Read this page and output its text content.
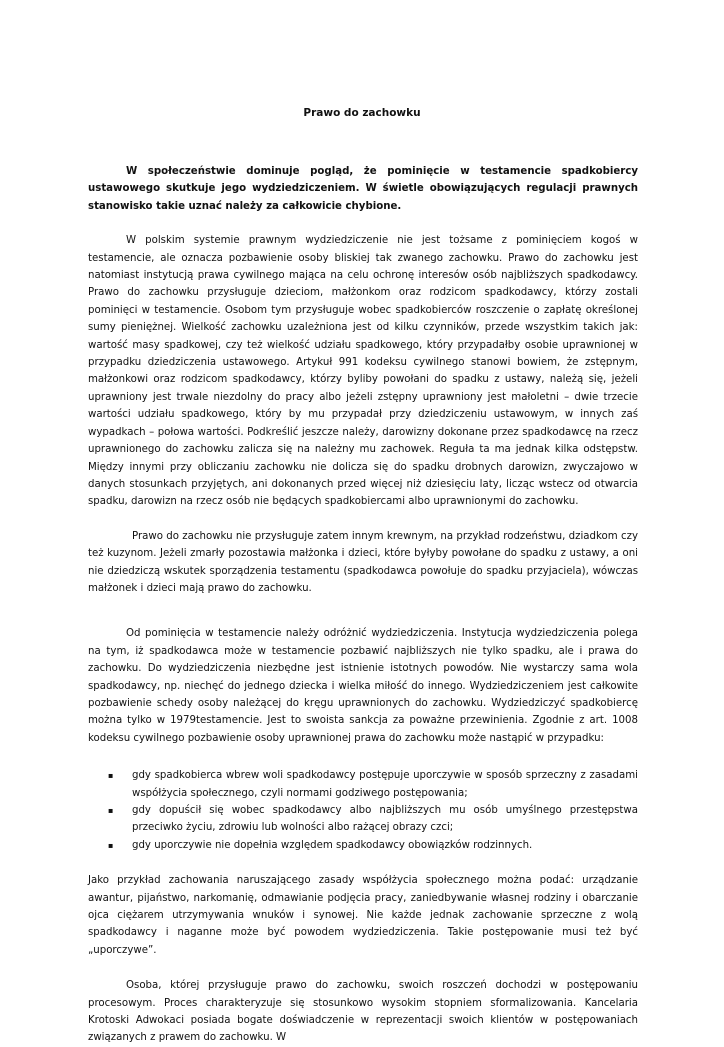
Prawo do zachowku

W społeczeństwie dominuje pogląd, że pominięcie w testamencie spadkobiercy ustawowego skutkuje jego wydziedziczeniem. W świetle obowiązujących regulacji prawnych stanowisko takie uznać należy za całkowicie chybione.

W polskim systemie prawnym wydziedziczenie nie jest tożsame z pominięciem kogoś w testamencie, ale oznacza pozbawienie osoby bliskiej tak zwanego zachowku. Prawo do zachowku jest natomiast instytucją prawa cywilnego mająca na celu ochronę interesów osób najbliższych spadkodawcy. Prawo do zachowku przysługuje dzieciom, małżonkom oraz rodzicom spadkodawcy, którzy zostali pominięci w testamencie. Osobom tym przysługuje wobec spadkobierców roszczenie o zapłatę określonej sumy pieniężnej. Wielkość zachowku uzależniona jest od kilku czynników, przede wszystkim takich jak: wartość masy spadkowej, czy też wielkość udziału spadkowego, który przypadałby osobie uprawnionej w przypadku dziedziczenia ustawowego. Artykuł 991 kodeksu cywilnego stanowi bowiem, że zstępnym, małżonkowi oraz rodzicom spadkodawcy, którzy byliby powołani do spadku z ustawy, należą się, jeżeli uprawniony jest trwale niezdolny do pracy albo jeżeli zstępny uprawniony jest małoletni – dwie trzecie wartości udziału spadkowego, który by mu przypadał przy dziedziczeniu ustawowym, w innych zaś wypadkach – połowa wartości. Podkreślić jeszcze należy, darowizny dokonane przez spadkodawcę na rzecz uprawnionego do zachowku zalicza się na należny mu zachowek. Reguła ta ma jednak kilka odstępstw. Między innymi przy obliczaniu zachowku nie dolicza się do spadku drobnych darowizn, zwyczajowo w danych stosunkach przyjętych, ani dokonanych przed więcej niż dziesięciu laty, licząc wstecz od otwarcia spadku, darowizn na rzecz osób nie będących spadkobiercami albo uprawnionymi do zachowku.

Prawo do zachowku nie przysługuje zatem innym krewnym, na przykład rodzeństwu, dziadkom czy też kuzynom. Jeżeli zmarły pozostawia małżonka i dzieci, które byłyby powołane do spadku z ustawy, a oni nie dziedziczą wskutek sporządzenia testamentu (spadkodawca powołuje do spadku przyjaciela), wówczas małżonek i dzieci mają prawo do zachowku.

Od pominięcia w testamencie należy odróżnić wydziedziczenia. Instytucja wydziedziczenia polega na tym, iż spadkodawca może w testamencie pozbawić najbliższych nie tylko spadku, ale i prawa do zachowku. Do wydziedziczenia niezbędne jest istnienie istotnych powodów. Nie wystarczy sama wola spadkodawcy, np. niechęć do jednego dziecka i wielka miłość do innego. Wydziedziczeniem jest całkowite pozbawienie schedy osoby należącej do kręgu uprawnionych do zachowku. Wydziedziczyć spadkobiercę można tylko w 1979testamencie. Jest to swoista sankcja za poważne przewinienia. Zgodnie z art. 1008 kodeksu cywilnego pozbawienie osoby uprawnionej prawa do zachowku może nastąpić w przypadku:

▪ gdy spadkobierca wbrew woli spadkodawcy postępuje uporczywie w sposób sprzeczny z zasadami współżycia społecznego, czyli normami godziwego postępowania;
▪ gdy dopuścił się wobec spadkodawcy albo najbliższych mu osób umyślnego przestępstwa przeciwko życiu, zdrowiu lub wolności albo rażącej obrazy czci;
▪ gdy uporczywie nie dopełnia względem spadkodawcy obowiązków rodzinnych.

Jako przykład zachowania naruszającego zasady współżycia społecznego można podać: urządzanie awantur, pijaństwo, narkomanię, odmawianie podjęcia pracy, zaniedbywanie własnej rodziny i obarczanie ojca ciężarem utrzymywania wnuków i synowej. Nie każde jednak zachowanie sprzeczne z wolą spadkodawcy i naganne może być powodem wydziedziczenia. Takie postępowanie musi też być „uporczywe”.

Osoba, której przysługuje prawo do zachowku, swoich roszczeń dochodzi w postępowaniu procesowym. Proces charakteryzuje się stosunkowo wysokim stopniem sformalizowania. Kancelaria Krotoski Adwokaci posiada bogate doświadczenie w reprezentacji swoich klientów w postępowaniach związanych z prawem do zachowku. W
